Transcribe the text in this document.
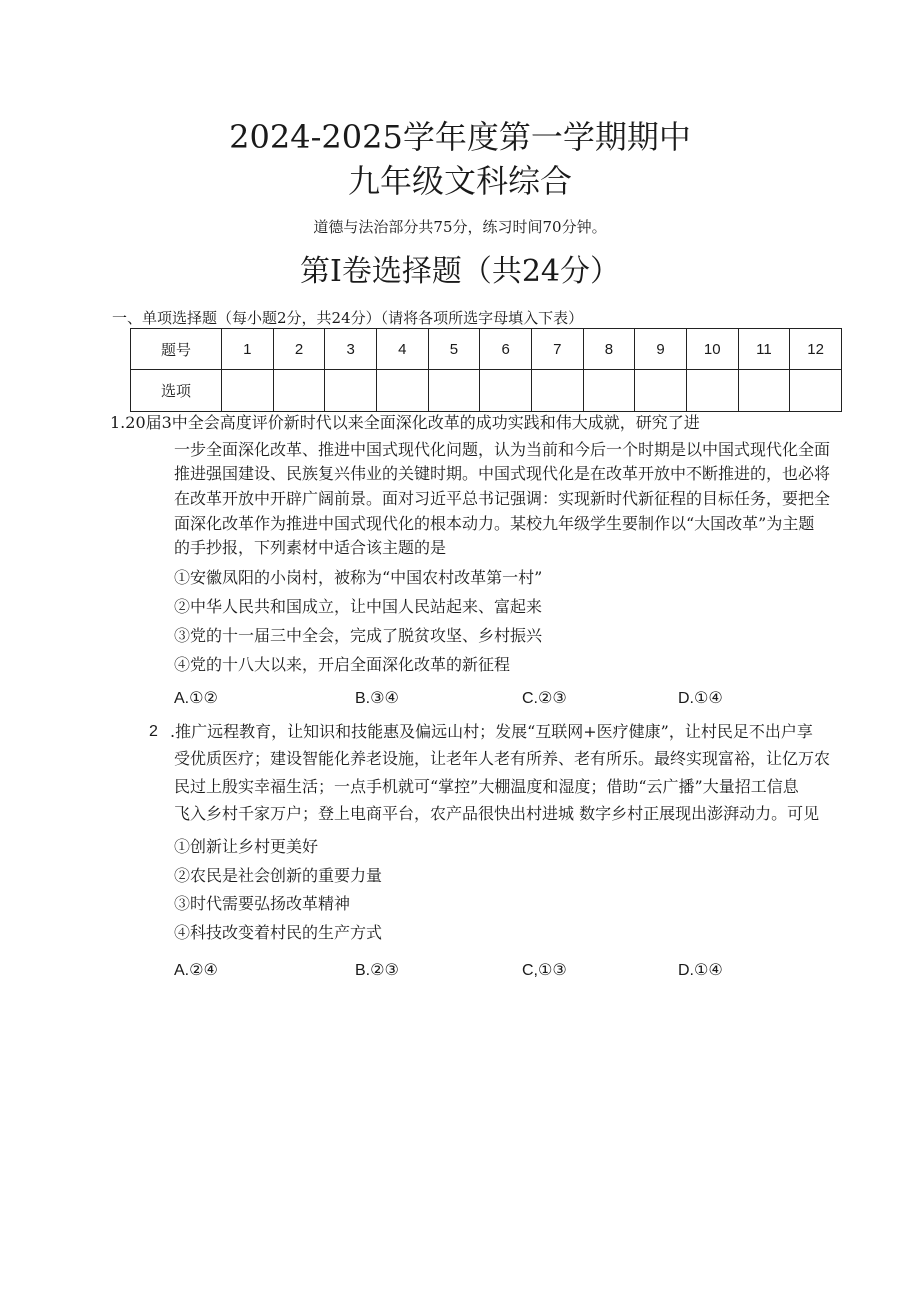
2024-2025学年度第一学期期中
九年级文科综合
道德与法治部分共75分，练习时间70分钟。
第Ⅰ卷选择题（共24分）
一、单项选择题（每小题2分，共24分）（请将各项所选字母填入下表）
题号	1	2	3	4	5	6	7	8	9	10	11	12
选项												
1.20届3中全会高度评价新时代以来全面深化改革的成功实践和伟大成就，研究了进
一步全面深化改革、推进中国式现代化问题，认为当前和今后一个时期是以中国式现代化全面
推进强国建设、民族复兴伟业的关键时期。中国式现代化是在改革开放中不断推进的，也必将
在改革开放中开辟广阔前景。面对习近平总书记强调：实现新时代新征程的目标任务，要把全
面深化改革作为推进中国式现代化的根本动力。某校九年级学生要制作以“大国改革”为主题
的手抄报，下列素材中适合该主题的是
①安徽凤阳的小岗村，被称为“中国农村改革第一村”
②中华人民共和国成立，让中国人民站起来、富起来
③党的十一届三中全会，完成了脱贫攻坚、乡村振兴
④党的十八大以来，开启全面深化改革的新征程
A.①②	B.③④	C.②③	D.①④
2 .推广远程教育，让知识和技能惠及偏远山村；发展“互联网+医疗健康”，让村民足不出户享
受优质医疗；建设智能化养老设施，让老年人老有所养、老有所乐。最终实现富裕，让亿万农
民过上殷实幸福生活；一点手机就可“掌控”大棚温度和湿度；借助“云广播”大量招工信息
飞入乡村千家万户；登上电商平台，农产品很快出村进城 数字乡村正展现出澎湃动力。可见
①创新让乡村更美好
②农民是社会创新的重要力量
③时代需要弘扬改革精神
④科技改变着村民的生产方式
A.②④	B.②③	C,①③	D.①④
